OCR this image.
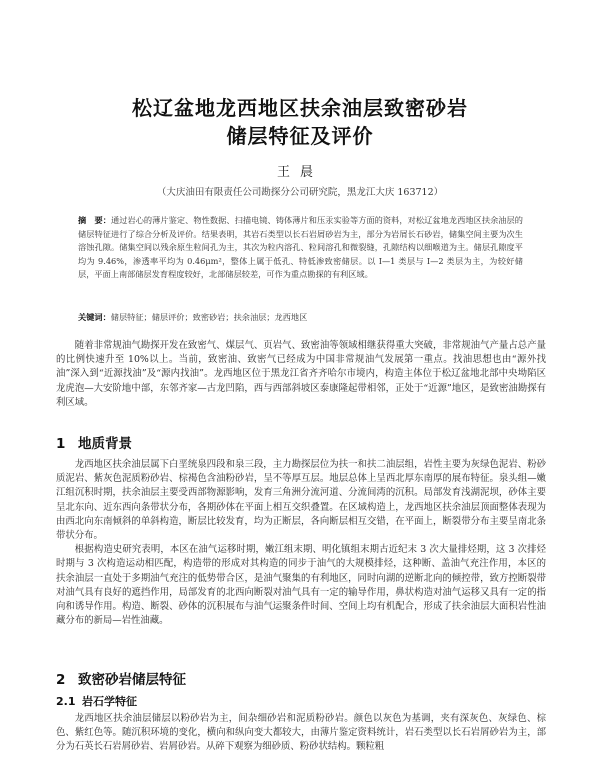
松辽盆地龙西地区扶余油层致密砂岩
储层特征及评价
王晨
（大庆油田有限责任公司勘探分公司研究院，黑龙江大庆 163712）
摘　要：通过岩心的薄片鉴定、物性数据、扫描电镜、铸体薄片和压汞实验等方面的资料，对松辽盆地龙西地区扶余油层的储层特征进行了综合分析及评价。结果表明，其岩石类型以长石岩屑砂岩为主，部分为岩屑长石砂岩，储集空间主要为次生溶蚀孔隙。储集空间以残余原生粒间孔为主，其次为粒内溶孔、粒间溶孔和微裂缝，孔隙结构以细喉道为主。储层孔隙度平均为 9.46%，渗透率平均为 0.46μm²，整体上属于低孔、特低渗致密储层。以 I—1 类层与 I—2 类层为主，为较好储层，平面上南部储层发育程度较好，北部储层较差，可作为重点勘探的有利区域。
关键词：储层特征；储层评价；致密砂岩；扶余油层；龙西地区

随着非常规油气勘探开发在致密气、煤层气、页岩气、致密油等领域相继获得重大突破，非常规油气产量占总产量的比例快速升至 10%以上。当前，致密油、致密气已经成为中国非常规油气发展第一重点。找油思想也由“源外找油”深入到“近源找油”及“源内找油”。龙西地区位于黑龙江省齐齐哈尔市境内，构造主体位于松辽盆地北部中央坳陷区龙虎泡—大安阶地中部，东邻齐家—古龙凹陷，西与西部斜坡区泰康隆起带相邻，正处于“近源”地区，是致密油勘探有利区域。

1 地质背景

龙西地区扶余油层属下白垩统泉四段和泉三段，主力勘探层位为扶一和扶二油层组，岩性主要为灰绿色泥岩、粉砂质泥岩、紫灰色泥质粉砂岩、棕褐色含油粉砂岩，呈不等厚互层。地层总体上呈西北厚东南厚的展布特征。泉头组—嫩江组沉积时期，扶余油层主要受西部物源影响，发育三角洲分流河道、分流间湾的沉积。局部发育浅湖泥坝，砂体主要呈北东向、近东西向条带状分布，各期砂体在平面上相互交织叠置。在区域构造上，龙西地区扶余油层顶面整体表现为由西北向东南倾斜的单斜构造，断层比较发育，均为正断层，各向断层相互交错，在平面上，断裂带分布主要呈南北条带状分布。

根据构造史研究表明，本区在油气运移时期，嫩江组末期、明化镇组末期古近纪末 3 次大量排烃期，这 3 次排烃时期与 3 次构造运动相匹配，构造带的形成对其构造的同步于油气的大规模排烃，这种断、盖油气充注作用，本区的扶余油层一直处于多期油气充注的低势带合区，是油气聚集的有利地区，同时向湖的逆断北向的倾控带，致方控断裂带对油气具有良好的遮挡作用，局部发育的北西向断裂对油气具有一定的输导作用，鼻状构造对油气运移又具有一定的指向和诱导作用。构造、断裂、砂体的沉积展布与油气运聚条件时间、空间上均有机配合，形成了扶余油层大面积岩性油藏分布的新局—岩性油藏。

2 致密砂岩储层特征
2.1 岩石学特征

龙西地区扶余油层储层以粉砂岩为主，间杂细砂岩和泥质粉砂岩。颜色以灰色为基调，夹有深灰色、灰绿色、棕色、紫红色等。随沉积环境的变化，横向和纵向变大都较大，由薄片鉴定资料统计，岩石类型以长石岩屑砂岩为主，部分为石英长石岩屑砂岩、岩屑砂岩。从碎下观察为细砂质、粉砂状结构。颗粒粗
